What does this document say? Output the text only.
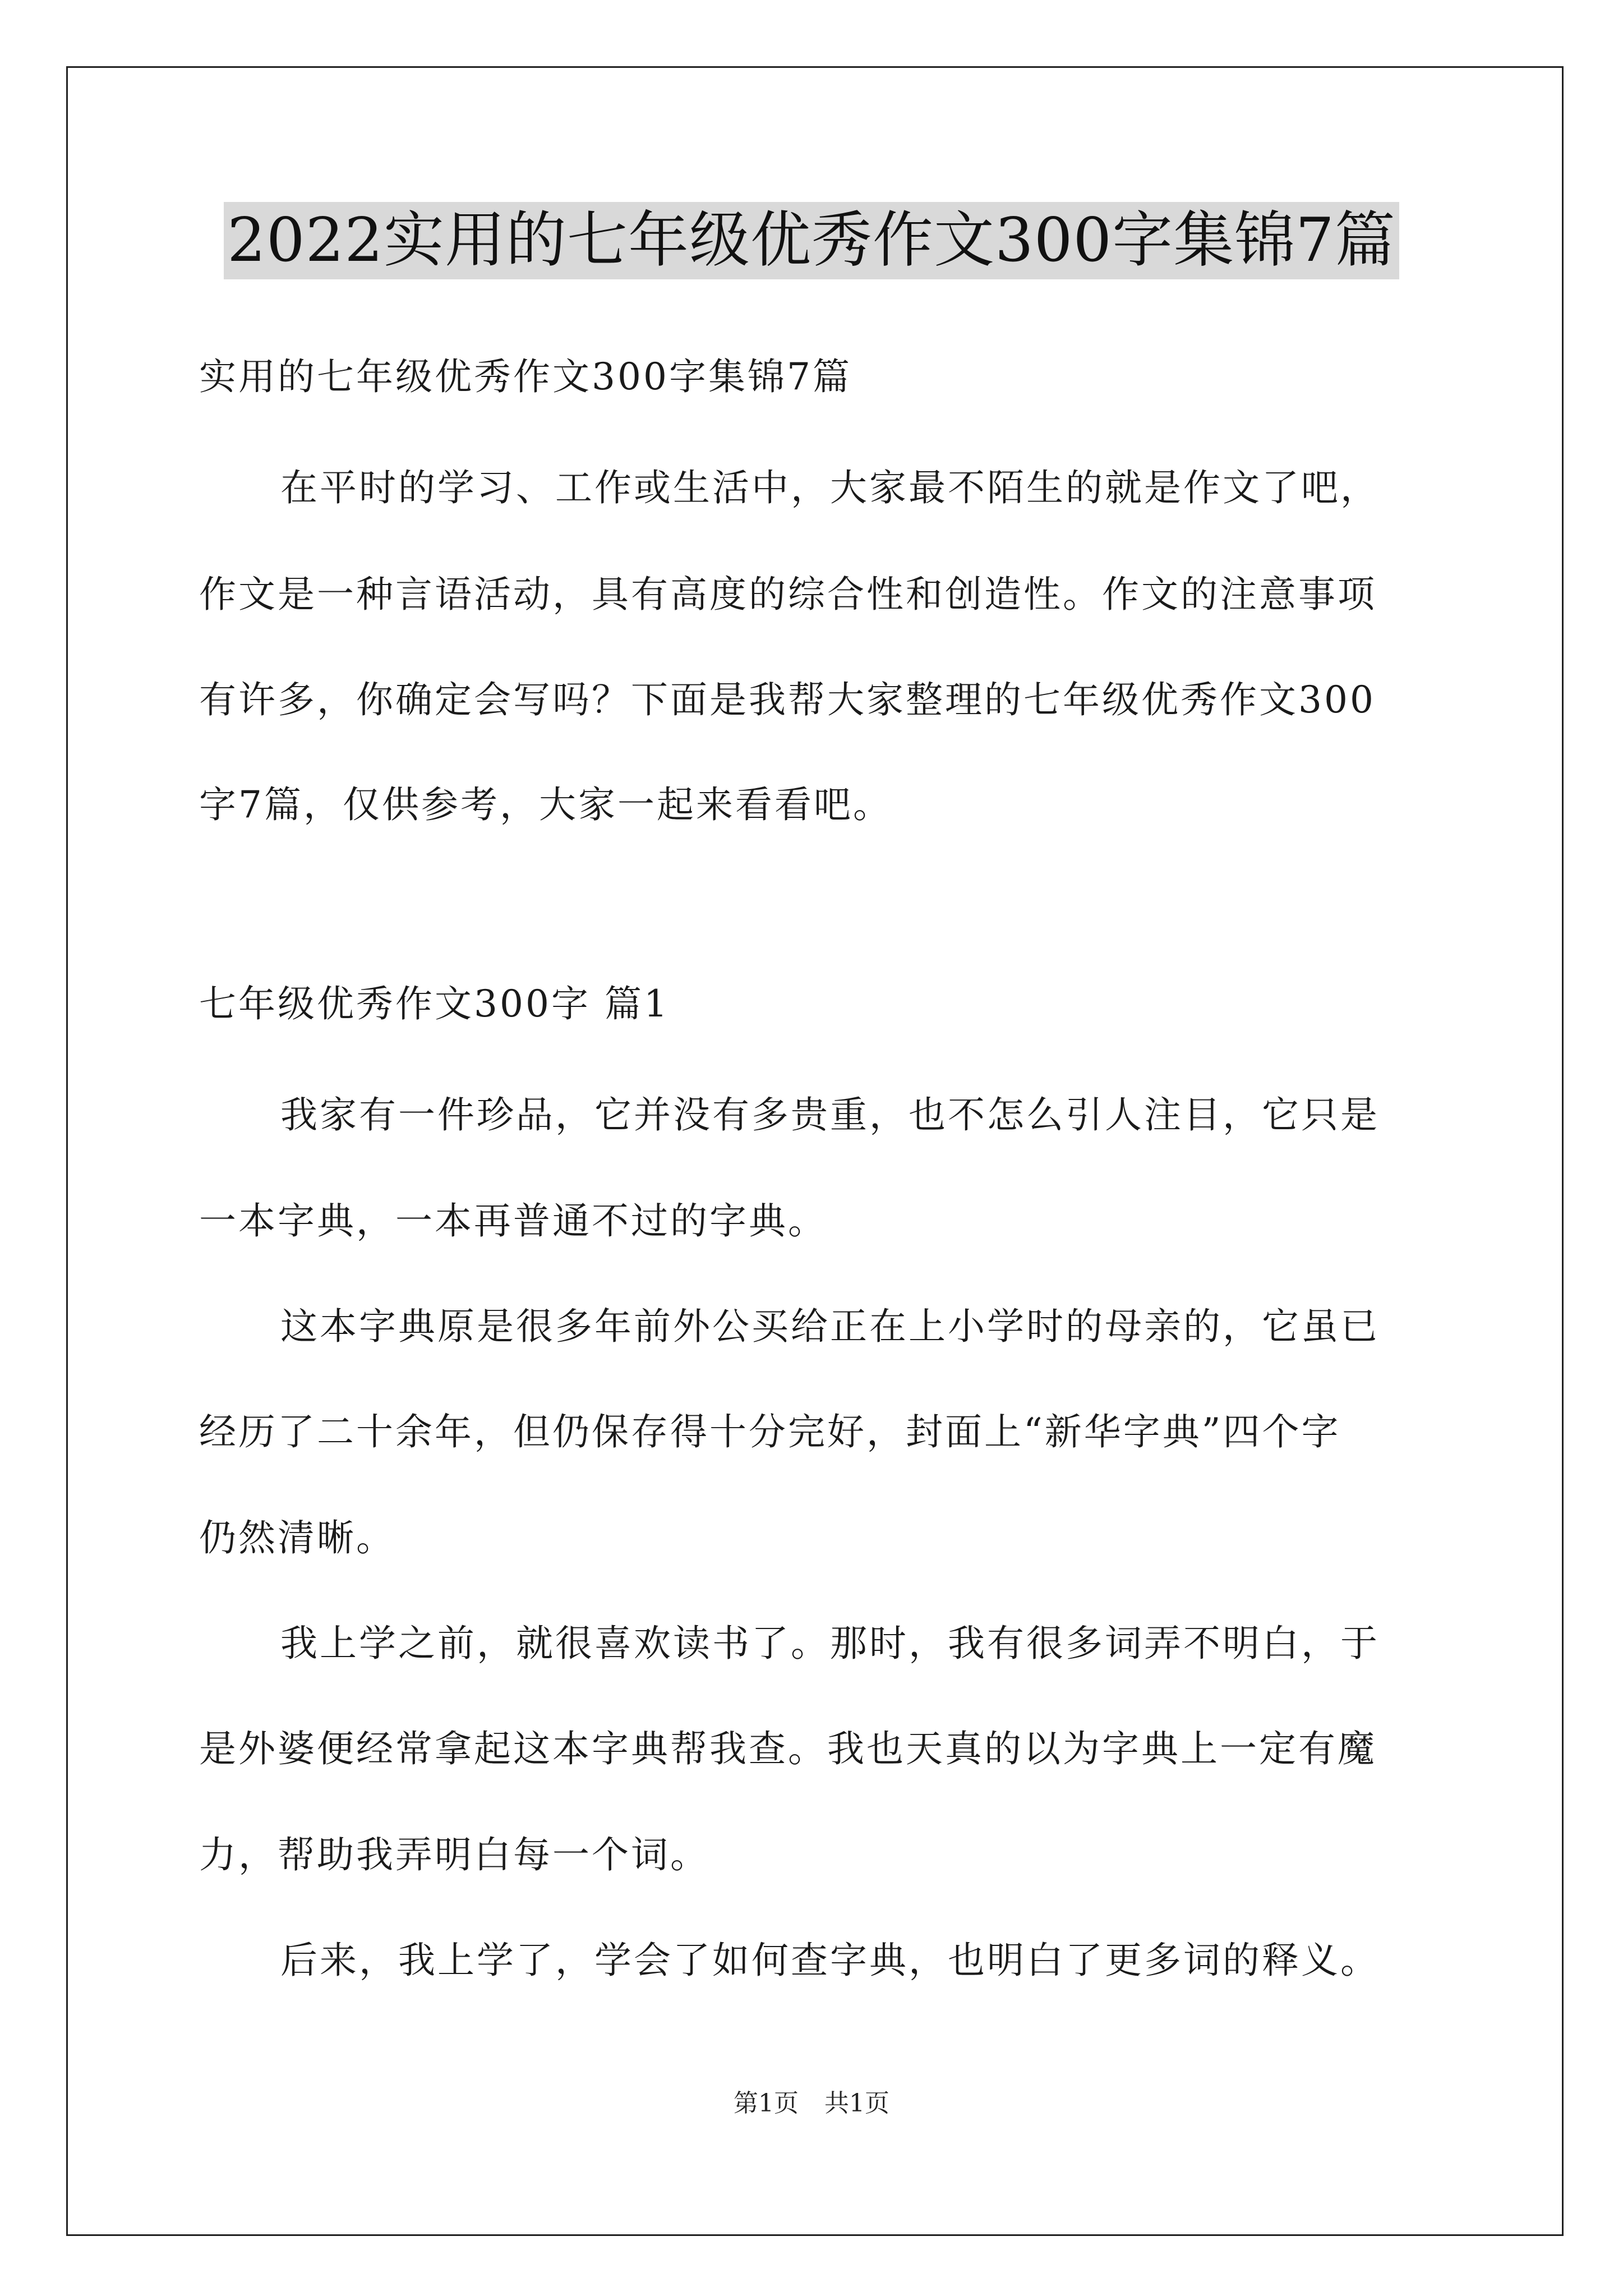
2022实用的七年级优秀作文300字集锦7篇
实用的七年级优秀作文300字集锦7篇
在平时的学习、工作或生活中，大家最不陌生的就是作文了吧，
作文是一种言语活动，具有高度的综合性和创造性。作文的注意事项
有许多，你确定会写吗？下面是我帮大家整理的七年级优秀作文300
字7篇，仅供参考，大家一起来看看吧。
七年级优秀作文300字 篇1
我家有一件珍品，它并没有多贵重，也不怎么引人注目，它只是
一本字典，一本再普通不过的字典。
这本字典原是很多年前外公买给正在上小学时的母亲的，它虽已
经历了二十余年，但仍保存得十分完好，封面上“新华字典”四个字
仍然清晰。
我上学之前，就很喜欢读书了。那时，我有很多词弄不明白，于
是外婆便经常拿起这本字典帮我查。我也天真的以为字典上一定有魔
力，帮助我弄明白每一个词。
后来，我上学了，学会了如何查字典，也明白了更多词的释义。
第1页 共1页
